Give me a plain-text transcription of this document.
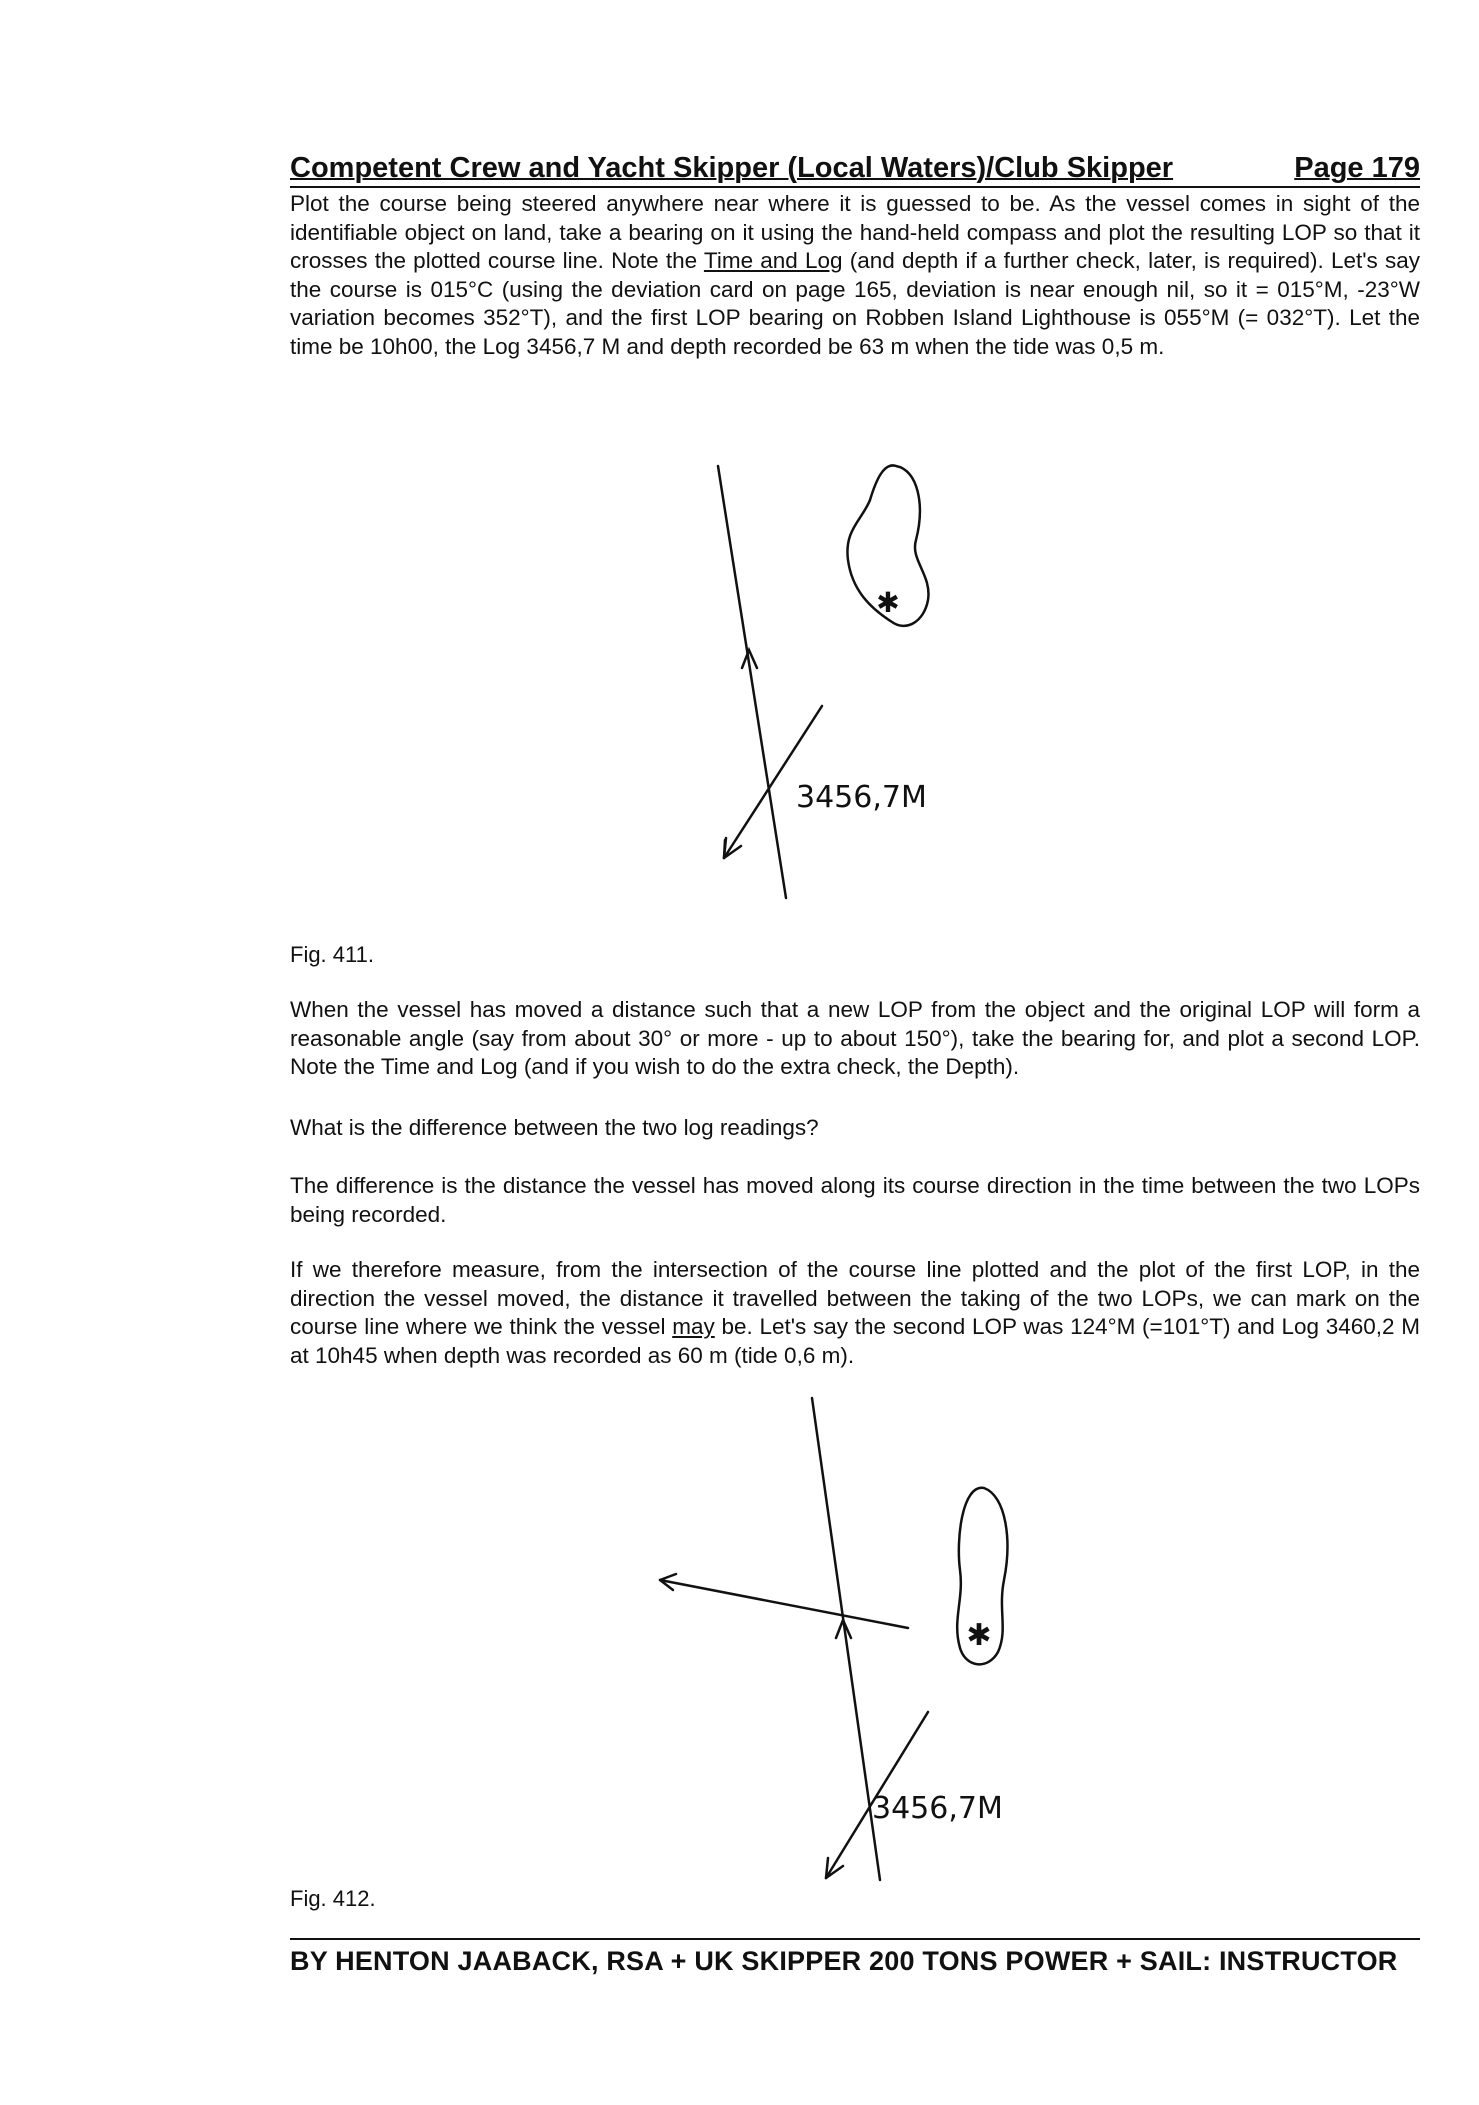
Competent Crew and Yacht Skipper (Local Waters)/Club Skipper	Page 179

Plot the course being steered anywhere near where it is guessed to be. As the vessel comes in sight of the identifiable object on land, take a bearing on it using the hand-held compass and plot the resulting LOP so that it crosses the plotted course line. Note the Time and Log (and depth if a further check, later, is required). Let's say the course is 015°C (using the deviation card on page 165, deviation is near enough nil, so it = 015°M, -23°W variation becomes 352°T), and the first LOP bearing on Robben Island Lighthouse is 055°M (= 032°T). Let the time be 10h00, the Log 3456,7 M and depth recorded be 63 m when the tide was 0,5 m.

✱
3456,7M
Fig. 411.

When the vessel has moved a distance such that a new LOP from the object and the original LOP will form a reasonable angle (say from about 30° or more - up to about 150°), take the bearing for, and plot a second LOP. Note the Time and Log (and if you wish to do the extra check, the Depth).

What is the difference between the two log readings?

The difference is the distance the vessel has moved along its course direction in the time between the two LOPs being recorded.

If we therefore measure, from the intersection of the course line plotted and the plot of the first LOP, in the direction the vessel moved, the distance it travelled between the taking of the two LOPs, we can mark on the course line where we think the vessel may be. Let's say the second LOP was 124°M (=101°T) and Log 3460,2 M at 10h45 when depth was recorded as 60 m (tide 0,6 m).

✱
3456,7M
Fig. 412.
BY HENTON JAABACK, RSA + UK SKIPPER 200 TONS POWER + SAIL: INSTRUCTOR
